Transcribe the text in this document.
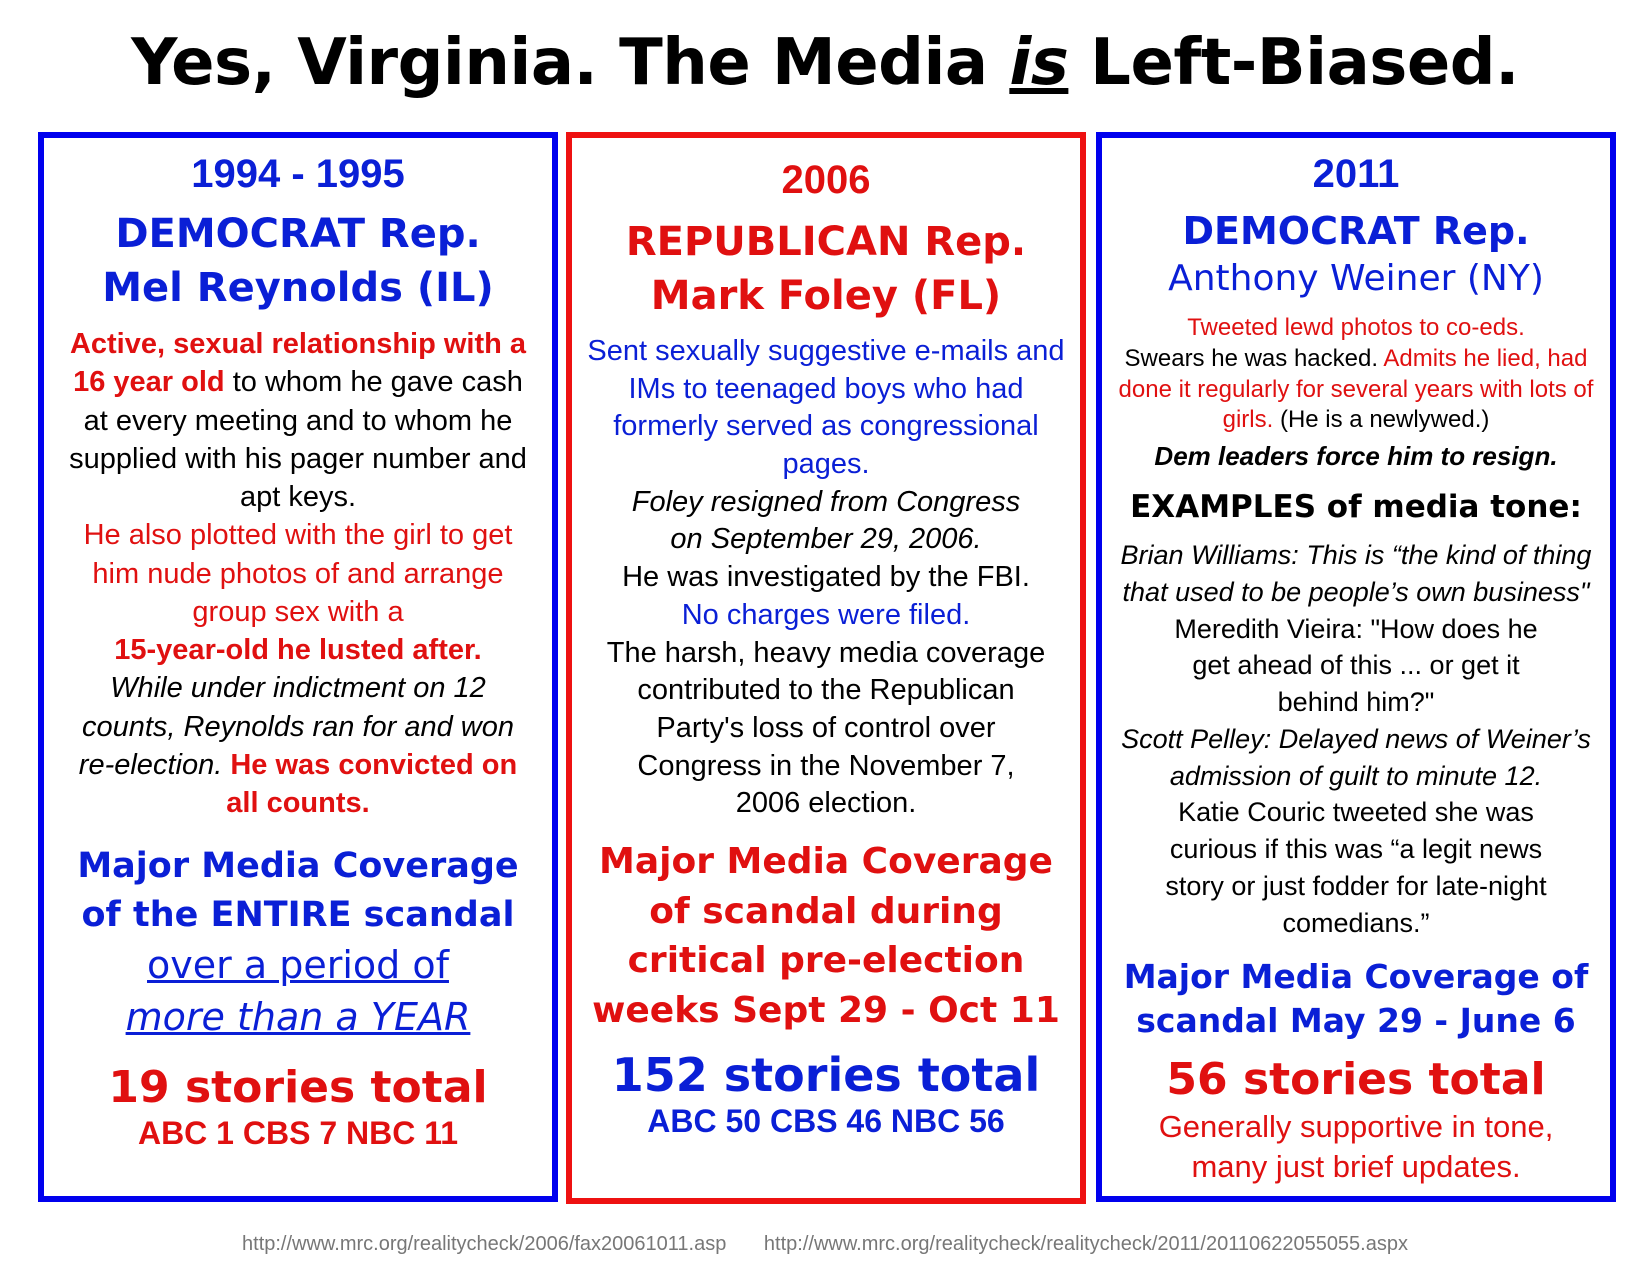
Yes, Virginia. The Media is Left-Biased.
1994 - 1995
DEMOCRAT Rep.
Mel Reynolds (IL)
Active, sexual relationship with a 16 year old to whom he gave cash at every meeting and to whom he supplied with his pager number and apt keys.
He also plotted with the girl to get him nude photos of and arrange group sex with a
15-year-old he lusted after.
While under indictment on 12 counts, Reynolds ran for and won re-election. He was convicted on all counts.
Major Media Coverage
of the ENTIRE scandal
over a period of
more than a YEAR
19 stories total
ABC 1 CBS 7 NBC 11
2006
REPUBLICAN Rep.
Mark Foley (FL)
Sent sexually suggestive e-mails and IMs to teenaged boys who had formerly served as congressional pages.
Foley resigned from Congress on September 29, 2006.
He was investigated by the FBI. No charges were filed.
The harsh, heavy media coverage contributed to the Republican Party's loss of control over Congress in the November 7, 2006 election.
Major Media Coverage
of scandal during
critical pre-election
weeks Sept 29 - Oct 11
152 stories total
ABC 50 CBS 46 NBC 56
2011
DEMOCRAT Rep.
Anthony Weiner (NY)
Tweeted lewd photos to co-eds.
Swears he was hacked. Admits he lied, had done it regularly for several years with lots of girls. (He is a newlywed.)
Dem leaders force him to resign.
EXAMPLES of media tone:
Brian Williams: This is “the kind of thing that used to be people’s own business"
Meredith Vieira: "How does he get ahead of this ... or get it behind him?"
Scott Pelley: Delayed news of Weiner’s admission of guilt to minute 12.
Katie Couric tweeted she was curious if this was “a legit news story or just fodder for late-night comedians.”
Major Media Coverage of
scandal May 29 - June 6
56 stories total
Generally supportive in tone, many just brief updates.
http://www.mrc.org/realitycheck/2006/fax20061011.asp http://www.mrc.org/realitycheck/realitycheck/2011/20110622055055.aspx
